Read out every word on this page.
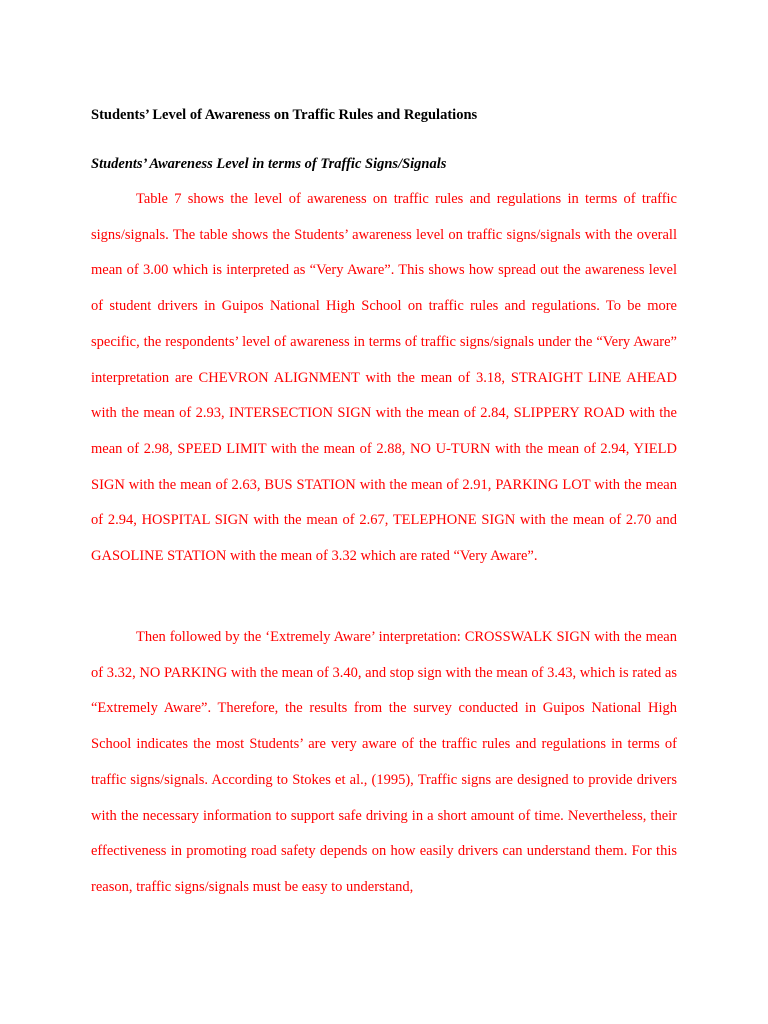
Students’ Level of Awareness on Traffic Rules and Regulations
Students’ Awareness Level in terms of Traffic Signs/Signals

Table 7 shows the level of awareness on traffic rules and regulations in terms of traffic signs/signals. The table shows the Students’ awareness level on traffic signs/signals with the overall mean of 3.00 which is interpreted as “Very Aware”. This shows how spread out the awareness level of student drivers in Guipos National High School on traffic rules and regulations. To be more specific, the respondents’ level of awareness in terms of traffic signs/signals under the “Very Aware” interpretation are CHEVRON ALIGNMENT with the mean of 3.18, STRAIGHT LINE AHEAD with the mean of 2.93, INTERSECTION SIGN with the mean of 2.84, SLIPPERY ROAD with the mean of 2.98, SPEED LIMIT with the mean of 2.88, NO U-TURN with the mean of 2.94, YIELD SIGN with the mean of 2.63, BUS STATION with the mean of 2.91, PARKING LOT with the mean of 2.94, HOSPITAL SIGN with the mean of 2.67, TELEPHONE SIGN with the mean of 2.70 and GASOLINE STATION with the mean of 3.32 which are rated “Very Aware”.

Then followed by the ‘Extremely Aware’ interpretation: CROSSWALK SIGN with the mean of 3.32, NO PARKING with the mean of 3.40, and stop sign with the mean of 3.43, which is rated as “Extremely Aware”. Therefore, the results from the survey conducted in Guipos National High School indicates the most Students’ are very aware of the traffic rules and regulations in terms of traffic signs/signals. According to Stokes et al., (1995), Traffic signs are designed to provide drivers with the necessary information to support safe driving in a short amount of time. Nevertheless, their effectiveness in promoting road safety depends on how easily drivers can understand them. For this reason, traffic signs/signals must be easy to understand,
